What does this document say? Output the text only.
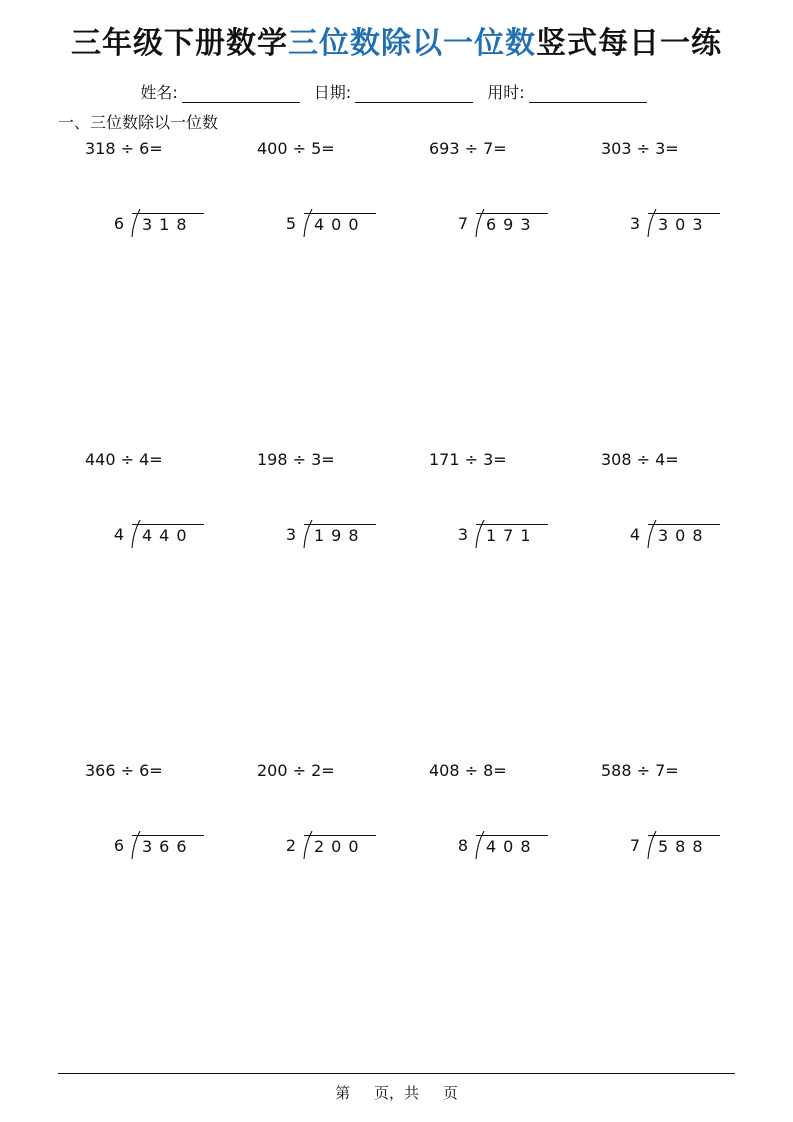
三年级下册数学三位数除以一位数竖式每日一练
姓名:	日期:	用时:
一、三位数除以一位数
318 ÷ 6=
6	318
400 ÷ 5=
5	400
693 ÷ 7=
7	693
303 ÷ 3=
3	303
440 ÷ 4=
4	440
198 ÷ 3=
3	198
171 ÷ 3=
3	171
308 ÷ 4=
4	308
366 ÷ 6=
6	366
200 ÷ 2=
2	200
408 ÷ 8=
8	408
588 ÷ 7=
7	588
第     页，共     页
